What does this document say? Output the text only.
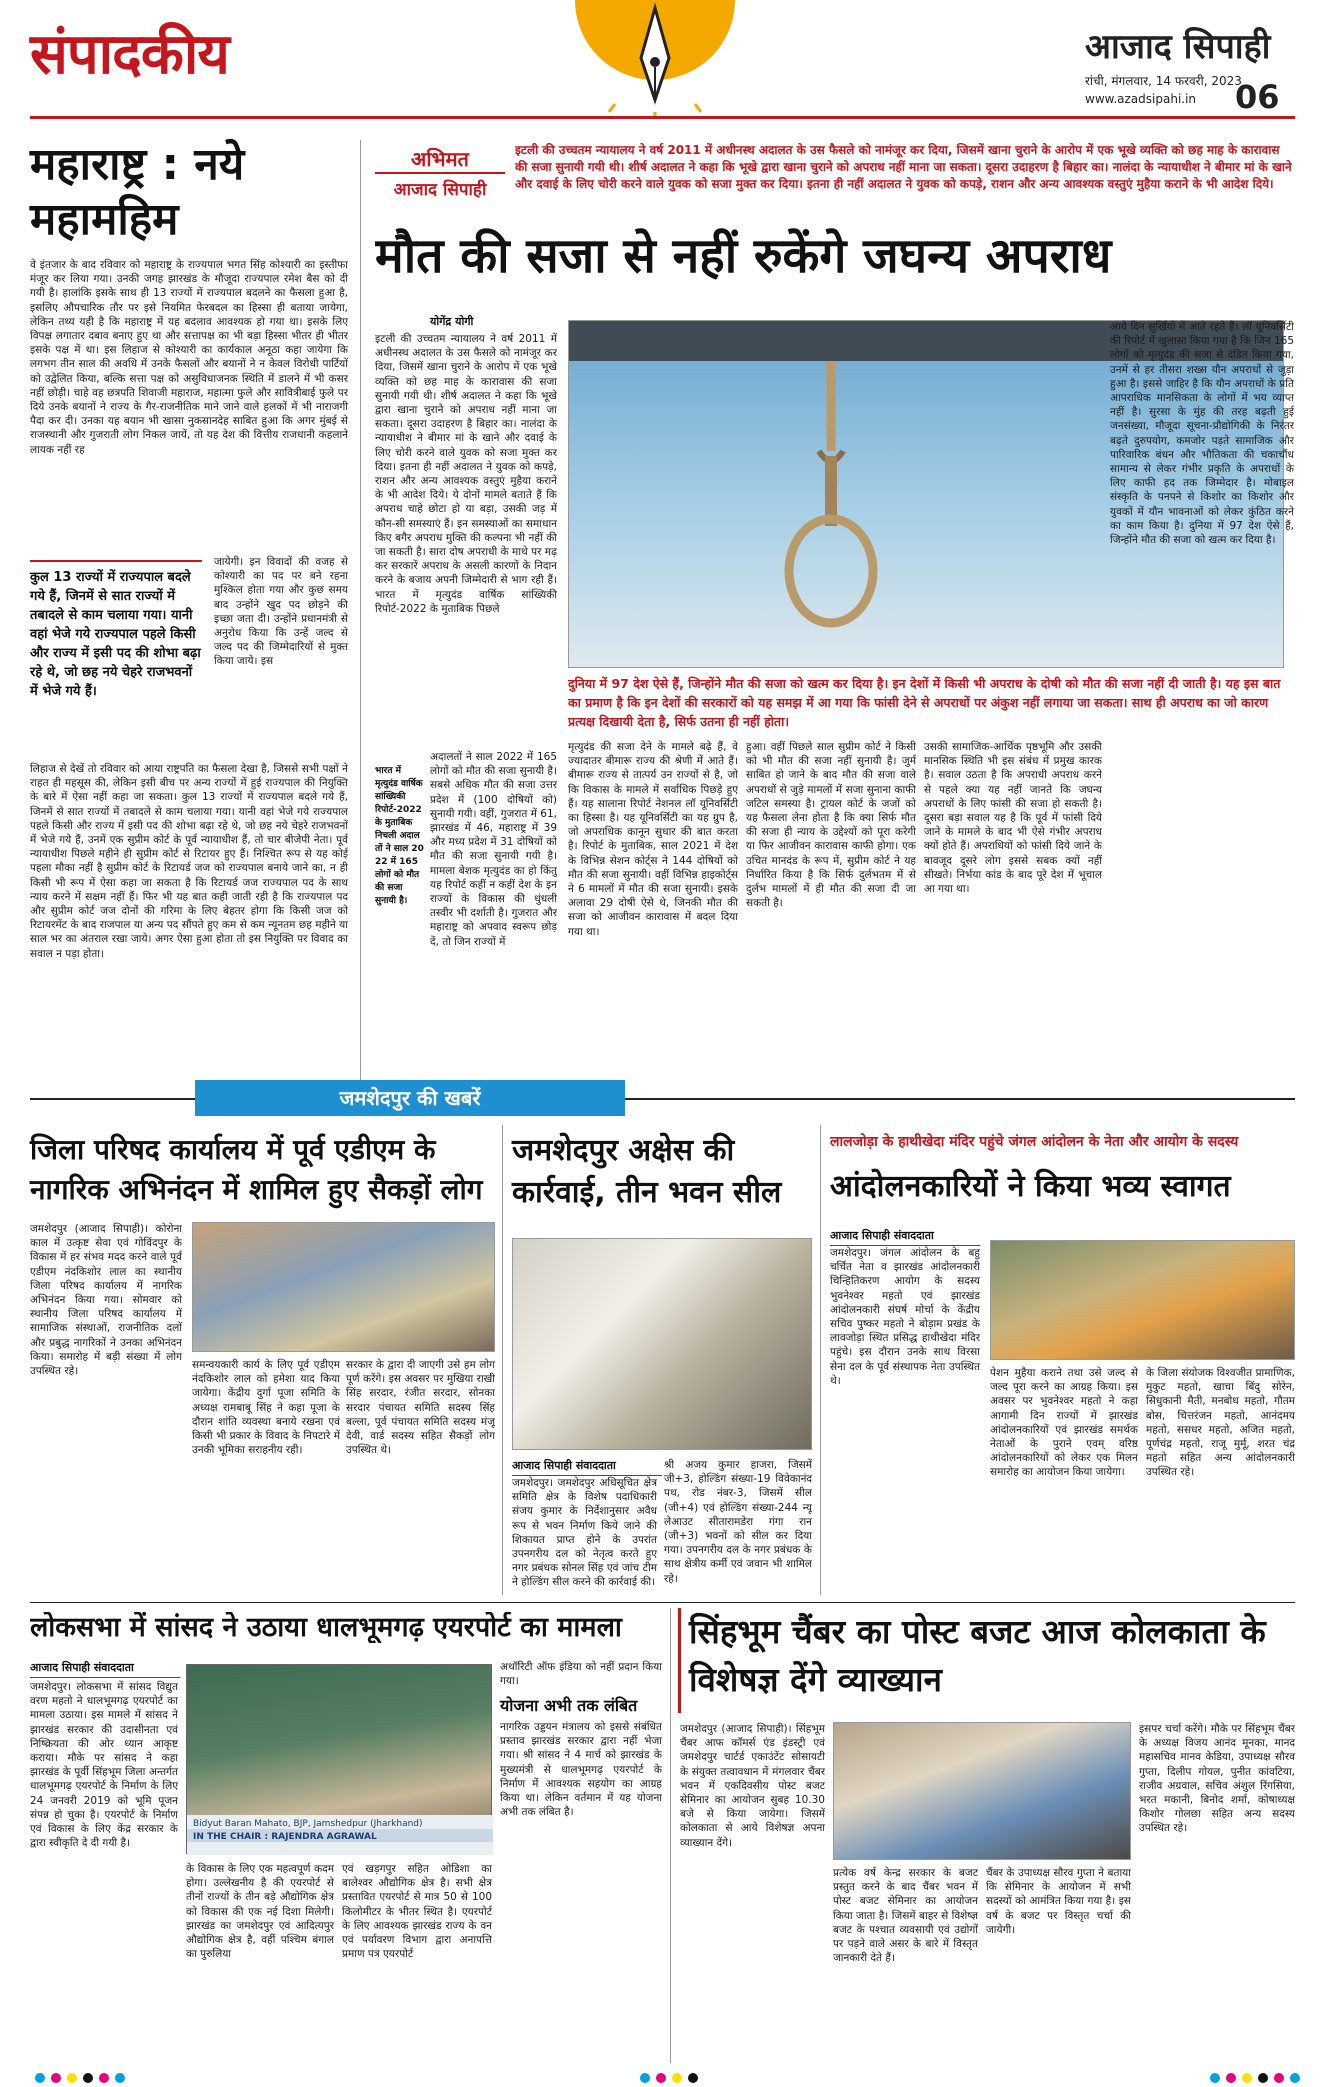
संपादकीय	आजाद सिपाही
रांची, मंगलवार, 14 फरवरी, 2023
www.azadsipahi.in 06
महाराष्ट्र : नये
महामहिम
वे इंतजार के बाद रविवार को महाराष्ट्र के राज्यपाल भगत सिंह कोश्यारी का इस्तीफा मंजूर कर लिया गया। उनकी जगह झारखंड के मौजूदा राज्यपाल रमेश बैस को दी गयी है। हालांकि इसके साथ ही 13 राज्यों में राज्यपाल बदलने का फैसला हुआ है, इसलिए औपचारिक तौर पर इसे नियमित फेरबदल का हिस्सा ही बताया जायेगा, लेकिन तथ्य यही है कि महाराष्ट्र में यह बदलाव आवश्यक हो गया था। इसके लिए विपक्ष लगातार दबाव बनाए हुए था और सत्तापक्ष का भी बड़ा हिस्सा भीतर ही भीतर इसके पक्ष में था। इस लिहाज से कोश्यारी का कार्यकाल अनूठा कहा जायेगा कि लगभग तीन साल की अवधि में उनके फैसलों और बयानों ने न केवल विरोधी पार्टियों को उद्वेलित किया, बल्कि सत्ता पक्ष को असुविधाजनक स्थिति में डालने में भी कसर नहीं छोड़ी। चाहे वह छत्रपति शिवाजी महाराज, महात्मा फुले और सावित्रीबाई फुले पर दिये उनके बयानों ने राज्य के गैर-राजनीतिक माने जाने वाले हलकों में भी नाराजगी पैदा कर दी। उनका यह बयान भी खासा नुकसानदेह साबित हुआ कि अगर मुंबई से राजस्थानी और गुजराती लोग निकल जायें, तो यह देश की वित्तीय राजधानी कहलाने लायक नहीं रह
कुल 13 राज्यों में राज्यपाल बदले गये हैं, जिनमें से सात राज्यों में तबादले से काम चलाया गया। यानी वहां भेजे गये राज्यपाल पहले किसी और राज्य में इसी पद की शोभा बढ़ा रहे थे, जो छह नये चेहरे राजभवनों में भेजे गये हैं।
जायेगी। इन विवादों की वजह से कोश्यारी का पद पर बने रहना मुश्किल होता गया और कुछ समय बाद उन्होंने खुद पद छोड़ने की इच्छा जता दी। उन्होंने प्रधानमंत्री से अनुरोध किया कि उन्हें जल्द से जल्द पद की जिम्मेदारियों से मुक्त किया जाये। इस
लिहाज से देखें तो रविवार को आया राष्ट्रपति का फैसला देखा है, जिससे सभी पक्षों ने राहत ही महसूस की, लेकिन इसी बीच पर अन्य राज्यों में हुई राज्यपाल की नियुक्ति के बारे में ऐसा नहीं कहा जा सकता। कुल 13 राज्यों में राज्यपाल बदले गये हैं, जिनमें से सात राज्यों में तबादले से काम चलाया गया। यानी वहां भेजे गये राज्यपाल पहले किसी और राज्य में इसी पद की शोभा बढ़ा रहे थे, जो छह नये चेहरे राजभवनों में भेजे गये हैं, उनमें एक सुप्रीम कोर्ट के पूर्व न्यायाधीश हैं, तो चार बीजेपी नेता। पूर्व न्यायाधीश पिछले महीने ही सुप्रीम कोर्ट से रिटायर हुए हैं। निश्चित रूप से यह कोई पहला मौका नहीं है सुप्रीम कोर्ट के रिटायर्ड जज को राज्यपाल बनाये जाने का, न ही किसी भी रूप में ऐसा कहा जा सकता है कि रिटायर्ड जज राज्यपाल पद के साथ न्याय करने में सक्षम नहीं हैं। फिर भी यह बात कही जाती रही है कि राज्यपाल पद और सुप्रीम कोर्ट जज दोनों की गरिमा के लिए बेहतर होगा कि किसी जज को रिटायरमेंट के बाद राजपाल या अन्य पद सौंपते हुए कम से कम न्यूनतम छह महीने या साल भर का अंतराल रखा जाये। अगर ऐसा हुआ होता तो इस नियुक्ति पर विवाद का सवाल न पड़ा होता।
अभिमत
आजाद सिपाही
इटली की उच्चतम न्यायालय ने वर्ष 2011 में अधीनस्थ अदालत के उस फैसले को नामंजूर कर दिया, जिसमें खाना चुराने के आरोप में एक भूखे व्यक्ति को छह माह के कारावास की सजा सुनायी गयी थी। शीर्ष अदालत ने कहा कि भूखे द्वारा खाना चुराने को अपराध नहीं माना जा सकता। दूसरा उदाहरण है बिहार का। नालंदा के न्यायाधीश ने बीमार मां के खाने और दवाई के लिए चोरी करने वाले युवक को सजा मुक्त कर दिया। इतना ही नहीं अदालत ने युवक को कपड़े, राशन और अन्य आवश्यक वस्तुएं मुहैया कराने के भी आदेश दिये।
मौत की सजा से नहीं रुकेंगे जघन्य अपराध
योगेंद्र योगी
इटली की उच्चतम न्यायालय ने वर्ष 2011 में अधीनस्थ अदालत के उस फैसले को नामंजूर कर दिया, जिसमें खाना चुराने के आरोप में एक भूखे व्यक्ति को छह माह के कारावास की सजा सुनायी गयी थी। शीर्ष अदालत ने कहा कि भूखे द्वारा खाना चुराने को अपराध नहीं माना जा सकता। दूसरा उदाहरण है बिहार का। नालंदा के न्यायाधीश ने बीमार मां के खाने और दवाई के लिए चोरी करने वाले युवक को सजा मुक्त कर दिया। इतना ही नहीं अदालत ने युवक को कपड़े, राशन और अन्य आवश्यक वस्तुएं मुहैया कराने के भी आदेश दिये। ये दोनों मामले बताते हैं कि अपराध चाहे छोटा हो या बड़ा, उसकी जड़ में कौन-सी समस्याएं हैं। इन समस्याओं का समाधान किए बगैर अपराध मुक्ति की कल्पना भी नहीं की जा सकती है। सारा दोष अपराधी के माथे पर मढ़ कर सरकारें अपराध के असली कारणों के निदान करने के बजाय अपनी जिम्मेदारी से भाग रही हैं। भारत में मृत्युदंड वार्षिक सांख्यिकी रिपोर्ट-2022 के मुताबिक पिछले
दुनिया में 97 देश ऐसे हैं, जिन्होंने मौत की सजा को खत्म कर दिया है। इन देशों में किसी भी अपराध के दोषी को मौत की सजा नहीं दी जाती है। यह इस बात का प्रमाण है कि इन देशों की सरकारों को यह समझ में आ गया कि फांसी देने से अपराधों पर अंकुश नहीं लगाया जा सकता। साथ ही अपराध का जो कारण प्रत्यक्ष दिखायी देता है, सिर्फ उतना ही नहीं होता।
अदालतों ने साल 2022 में 165 लोगों को मौत की सजा सुनायी है। सबसे अधिक मौत की सजा उत्तर प्रदेश में (100 दोषियों को) सुनायी गयी। वहीं, गुजरात में 61, झारखंड में 46, महाराष्ट्र में 39 और मध्य प्रदेश में 31 दोषियों को मौत की सजा सुनायी गयी है। मामला बेशक मृत्युदंड का हो किंतु यह रिपोर्ट कहीं न कहीं देश के इन राज्यों के विकास की धुंधली तस्वीर भी दर्शाती है। गुजरात और महाराष्ट्र को अपवाद स्वरूप छोड़ दें, तो जिन राज्यों में
भारत में मृत्युदंड वार्षिक सांख्यिकी रिपोर्ट-2022 के मुताबिक निचली अदालतों ने साल 2022 में 165 लोगों को मौत की सजा सुनायी है।
मृत्युदंड की सजा देने के मामले बढ़े हैं, वे ज्यादातर बीमारू राज्य की श्रेणी में आते हैं। बीमारू राज्य से तात्पर्य उन राज्यों से है, जो कि विकास के मामले में सर्वाधिक पिछड़े हुए हैं। यह सालाना रिपोर्ट नेशनल लॉ यूनिवर्सिटी का हिस्सा है। यह यूनिवर्सिटी का यह ग्रुप है, जो अपराधिक कानून सुधार की बात करता है। रिपोर्ट के मुताबिक, साल 2021 में देश के विभिन्न सेशन कोर्ट्स ने 144 दोषियों को मौत की सजा सुनायी। वहीं विभिन्न हाइकोर्ट्स ने 6 मामलों में मौत की सजा सुनायी। इसके अलावा 29 दोषी ऐसे थे, जिनकी मौत की सजा को आजीवन कारावास में बदल दिया गया था।
हुआ। वहीं पिछले साल सुप्रीम कोर्ट ने किसी को भी मौत की सजा नहीं सुनायी है। जुर्म साबित हो जाने के बाद मौत की सजा वाले अपराधों से जुड़े मामलों में सजा सुनाना काफी जटिल समस्या है। ट्रायल कोर्ट के जजों को यह फैसला लेना होता है कि क्या सिर्फ मौत की सजा ही न्याय के उद्देश्यों को पूरा करेगी या फिर आजीवन कारावास काफी होगा। एक उचित मानदंड के रूप में, सुप्रीम कोर्ट ने यह निर्धारित किया है कि सिर्फ दुर्लभतम में से दुर्लभ मामलों में ही मौत की सजा दी जा सकती है।
उसकी सामाजिक-आर्थिक पृष्ठभूमि और उसकी मानसिक स्थिति भी इस संबंध में प्रमुख कारक है। सवाल उठता है कि अपराधी अपराध करने से पहले क्या यह नहीं जानते कि जघन्य अपराधों के लिए फांसी की सजा हो सकती है। दूसरा बड़ा सवाल यह है कि पूर्व में फांसी दिये जाने के मामले के बाद भी ऐसे गंभीर अपराध क्यों होते हैं। अपराधियों को फांसी दिये जाने के बावजूद दूसरे लोग इससे सबक क्यों नहीं सीखते। निर्भया कांड के बाद पूरे देश में भूचाल आ गया था।
आये दिन सुर्खियों में आते रहते हैं। लॉ यूनिवर्सिटी की रिपोर्ट में खुलासा किया गया है कि जिन 165 लोगों को मृत्युदंड की सजा से दंडित किया गया, उनमें से हर तीसरा शख्स यौन अपराधों से जुड़ा हुआ है। इससे जाहिर है कि यौन अपराधों के प्रति आपराधिक मानसिकता के लोगों में भय व्याप्त नहीं है। सुरसा के मुंह की तरह बढ़ती हुई जनसंख्या, मौजूदा सूचना-प्रौद्योगिकी के निरंतर बढ़ते दुरुपयोग, कमजोर पड़ते सामाजिक और पारिवारिक बंधन और भौतिकता की चकाचौंध सामान्य से लेकर गंभीर प्रकृति के अपराधों के लिए काफी हद तक जिम्मेदार है। मोबाइल संस्कृति के पनपने से किशोर का किशोर और युवकों में यौन भावनाओं को लेकर कुंठित करने का काम किया है। दुनिया में 97 देश ऐसे हैं, जिन्होंने मौत की सजा को खत्म कर दिया है।
जमशेदपुर की खबरें
जिला परिषद कार्यालय में पूर्व एडीएम के नागरिक अभिनंदन में शामिल हुए सैकड़ों लोग
जमशेदपुर (आजाद सिपाही)। कोरोना काल में उत्कृष्ट सेवा एवं गोविंदपुर के विकास में हर संभव मदद करने वाले पूर्व एडीएम नंदकिशोर लाल का स्थानीय जिला परिषद कार्यालय में नागरिक अभिनंदन किया गया। सोमवार को स्थानीय जिला परिषद कार्यालय में सामाजिक संस्थाओं, राजनीतिक दलों और प्रबुद्ध नागरिकों ने उनका अभिनंदन किया। समारोह में बड़ी संख्या में लोग उपस्थित रहे।
समन्वयकारी कार्य के लिए पूर्व एडीएम नंदकिशोर लाल को हमेशा याद किया जायेगा। केंद्रीय दुर्गा पूजा समिति के अध्यक्ष रामबाबू सिंह ने कहा पूजा के दौरान शांति व्यवस्था बनाये रखना एवं किसी भी प्रकार के विवाद के निपटारे में उनकी भूमिका सराहनीय रही।
सरकार के द्वारा दी जाएगी उसे हम लोग पूर्ण करेंगे। इस अवसर पर मुखिया राखी सिंह सरदार, रंजीत सरदार, सोनका सरदार पंचायत समिति सदस्य सिंह बल्ला, पूर्व पंचायत समिति सदस्य मंजू देवी, वार्ड सदस्य सहित सैकड़ों लोग उपस्थित थे।
जमशेदपुर अक्षेस की कार्रवाई, तीन भवन सील
आजाद सिपाही संवाददाता
जमशेदपुर। जमशेदपुर अधिसूचित क्षेत्र समिति क्षेत्र के विशेष पदाधिकारी संजय कुमार के निर्देशानुसार अवैध रूप से भवन निर्माण किये जाने की शिकायत प्राप्त होने के उपरांत उपनगरीय दल को नेतृत्व करते हुए नगर प्रबंधक सोनल सिंह एवं जांच टीम ने होल्डिंग सील करने की कार्रवाई की।
श्री अजय कुमार हाजरा, जिसमें जी+3, होल्डिंग संख्या-19 विवेकानंद पथ, रोड नंबर-3, जिसमें सील (जी+4) एवं होल्डिंग संख्या-244 न्यू लेआउट सीतारामडेरा गंगा रान (जी+3) भवनों को सील कर दिया गया। उपनगरीय दल के नगर प्रबंधक के साथ क्षेत्रीय कर्मी एवं जवान भी शामिल रहे।
लालजोड़ा के हाथीखेदा मंदिर पहुंचे जंगल आंदोलन के नेता और आयोग के सदस्य
आंदोलनकारियों ने किया भव्य स्वागत
आजाद सिपाही संवाददाता
जमशेदपुर। जंगल आंदोलन के बहु चर्चित नेता व झारखंड आंदोलनकारी चिन्हितिकरण आयोग के सदस्य भुवनेश्वर महतो एवं झारखंड आंदोलनकारी संघर्ष मोर्चा के केंद्रीय सचिव पुष्कर महतो ने बोड़ाम प्रखंड के लावजोड़ा स्थित प्रसिद्ध हाथीखेदा मंदिर पहुंचे। इस दौरान उनके साथ विरसा सेना दल के पूर्व संस्थापक नेता उपस्थित थे।
पेशन मुहैया कराने तथा उसे जल्द से जल्द पूरा करने का आग्रह किया। इस अवसर पर भुवनेश्वर महतो ने कहा आगामी दिन राज्यों में झारखंड आंदोलनकारियों एवं झारखंड समर्थक नेताओं के पुराने एवम् वरिष्ठ आंदोलनकारियों को लेकर एक मिलन समारोह का आयोजन किया जायेगा।
के जिला संयोजक विश्वजीत प्रामाणिक, मुकुट महतो, खाचा बिंदु सोरेन, सिधुकानी मैती, मनबोध महतो, गौतम बोस, चित्तरंजन महतो, आनंदमय महतो, ससधर महतो, अजित महतो, पूर्णचंद्र महतो, राजू मुर्मू, शरत चंद्र महतो सहित अन्य आंदोलनकारी उपस्थित रहे।
लोकसभा में सांसद ने उठाया धालभूमगढ़ एयरपोर्ट का मामला
आजाद सिपाही संवाददाता
जमशेदपुर। लोकसभा में सांसद विद्युत वरण महतो ने धालभूमगढ़ एयरपोर्ट का मामला उठाया। इस मामले में सांसद ने झारखंड सरकार की उदासीनता एवं निष्क्रियता की ओर ध्यान आकृष्ट कराया। मौके पर सांसद ने कहा झारखंड के पूर्वी सिंहभूम जिला अन्तर्गत धालभूमगढ़ एयरपोर्ट के निर्माण के लिए 24 जनवरी 2019 को भूमि पूजन संपन्न हो चुका है। एयरपोर्ट के निर्माण एवं विकास के लिए केंद्र सरकार के द्वारा स्वीकृति दे दी गयी है।
Bidyut Baran Mahato, BJP, Jamshedpur (Jharkhand)
IN THE CHAIR : RAJENDRA AGRAWAL
के विकास के लिए एक महत्वपूर्ण कदम होगा। उल्लेखनीय है की एयरपोर्ट से तीनों राज्यों के तीन बड़े औद्योगिक क्षेत्र को विकास की एक नई दिशा मिलेगी। झारखंड का जमशेदपुर एवं आदित्यपुर औद्योगिक क्षेत्र है, वहीं पश्चिम बंगाल का पुरुलिया
एवं खड़गपुर सहित ओडिशा का बालेश्वर औद्योगिक क्षेत्र है। सभी क्षेत्र प्रस्तावित एयरपोर्ट से मात्र 50 से 100 किलोमीटर के भीतर स्थित है। एयरपोर्ट के लिए आवश्यक झारखंड राज्य के वन एवं पर्यावरण विभाग द्वारा अनापत्ति प्रमाण पत्र एयरपोर्ट
अथॉरिटी ऑफ इंडिया को नहीं प्रदान किया गया।
योजना अभी तक लंबित
नागरिक उड्डयन मंत्रालय को इससे संबंधित प्रस्ताव झारखंड सरकार द्वारा नहीं भेजा गया। श्री सांसद ने 4 मार्च को झारखंड के मुख्यमंत्री से धालभूमगढ़ एयरपोर्ट के निर्माण में आवश्यक सहयोग का आग्रह किया था। लेकिन वर्तमान में यह योजना अभी तक लंबित है।
सिंहभूम चैंबर का पोस्ट बजट आज कोलकाता के विशेषज्ञ देंगे व्याख्यान
जमशेदपुर (आजाद सिपाही)। सिंहभूम चैंबर आफ कॉमर्स एंड इंडस्ट्री एवं जमशेदपुर चार्टर्ड एकाउंटेंट सोसायटी के संयुक्त तत्वावधान में मंगलवार चैंबर भवन में एकदिवसीय पोस्ट बजट सेमिनार का आयोजन सुबह 10.30 बजे से किया जायेगा। जिसमें कोलकाता से आये विशेषज्ञ अपना व्याख्यान देंगे।
प्रत्येक वर्ष केन्द्र सरकार के बजट प्रस्तुत करने के बाद चैंबर भवन में पोस्ट बजट सेमिनार का आयोजन किया जाता है। जिसमें बाहर से विशेष्ज्ञ बजट के पश्चात व्यवसायी एवं उद्योगों पर पड़ने वाले असर के बारे में विस्तृत जानकारी देते हैं।
चैंबर के उपाध्यक्ष सौरव गुप्ता ने बताया कि सेमिनार के आयोजन में सभी सदस्यों को आमंत्रित किया गया है। इस वर्ष के बजट पर विस्तृत चर्चा की जायेगी।
इसपर चर्चा करेंगे। मौके पर सिंहभूम चैंबर के अध्यक्ष विजय आनंद मूनका, मानद महासचिव मानव केडिया, उपाध्यक्ष सौरव गुप्ता, दिलीप गोयल, पुनीत कांवटिया, राजीव अग्रवाल, सचिव अंशुल रिंगसिया, भरत मकानी, बिनोद शर्मा, कोषाध्यक्ष किशोर गोलछा सहित अन्य सदस्य उपस्थित रहे।
